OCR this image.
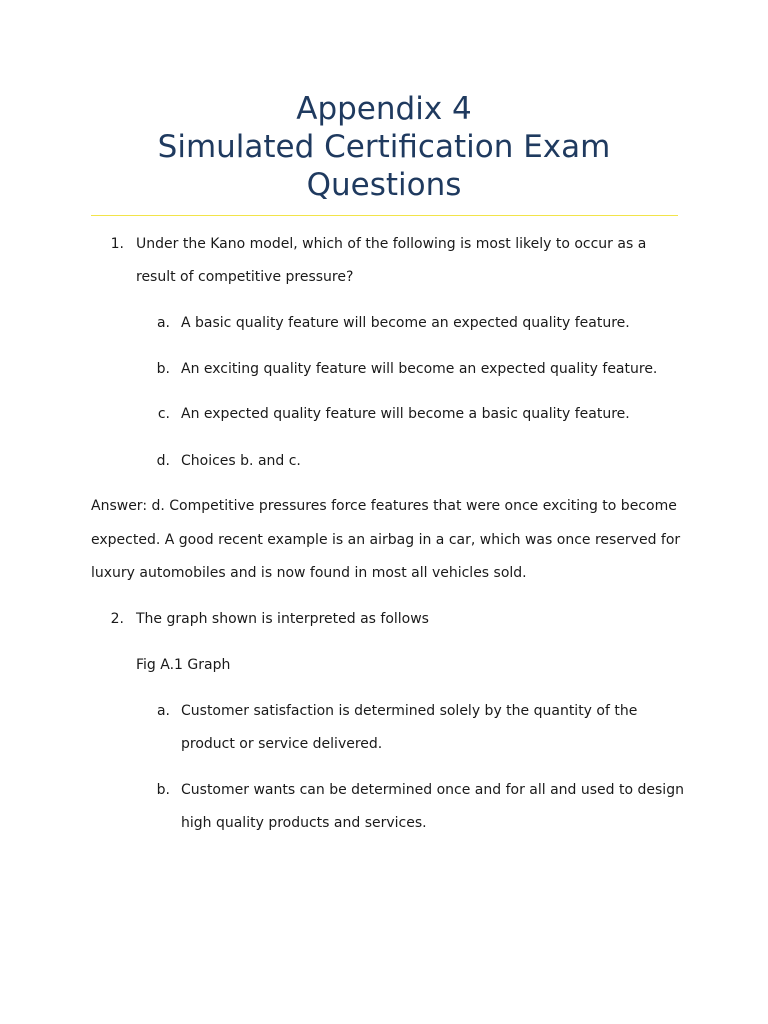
Appendix 4
Simulated Certification Exam
Questions
1. Under the Kano model, which of the following is most likely to occur as a
result of competitive pressure?
a. A basic quality feature will become an expected quality feature.
b. An exciting quality feature will become an expected quality feature.
c. An expected quality feature will become a basic quality feature.
d. Choices b. and c.
Answer: d. Competitive pressures force features that were once exciting to become
expected. A good recent example is an airbag in a car, which was once reserved for
luxury automobiles and is now found in most all vehicles sold.
2. The graph shown is interpreted as follows
Fig A.1 Graph
a. Customer satisfaction is determined solely by the quantity of the
product or service delivered.
b. Customer wants can be determined once and for all and used to design
high quality products and services.
